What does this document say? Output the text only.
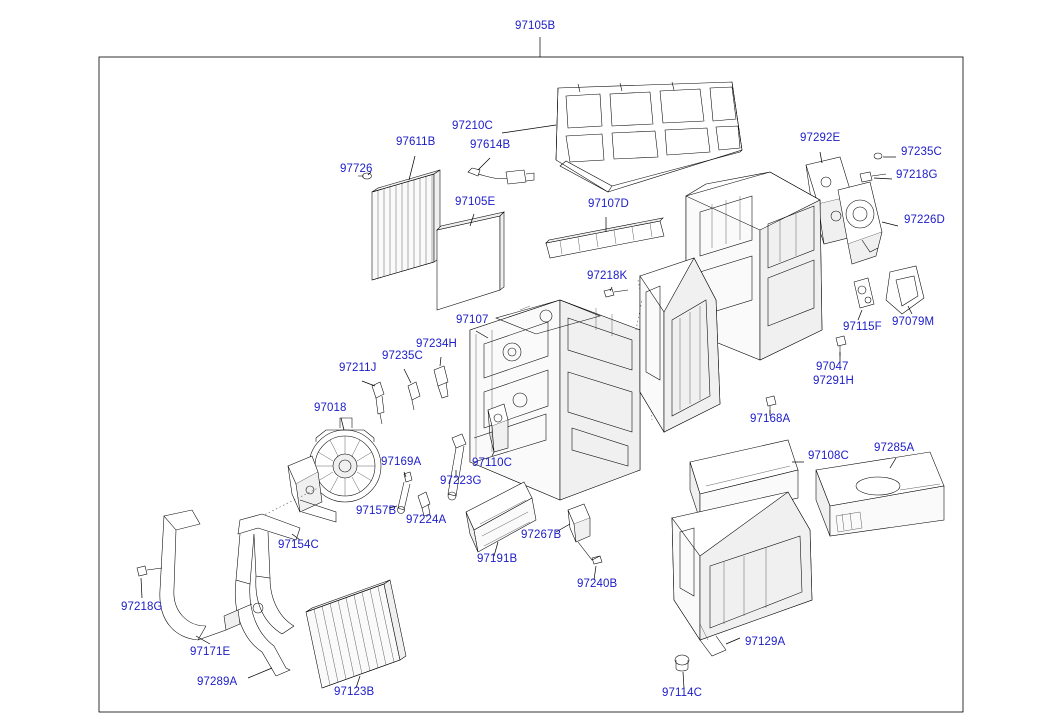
97105B
97210C
97611B	97614B
97726
97105E	97107D
97292E
97235C
97218G
97226D
97079M
97115F
97047
97291H
97218K
97107
97234H
97235C
97211J
97018
97168A
97108C
97285A
97169A	97110C
97223G
97157B
97224A
97154C
97267B
97191B
97240B
97129A
97218G
97171E
97289A
97123B	97114C
